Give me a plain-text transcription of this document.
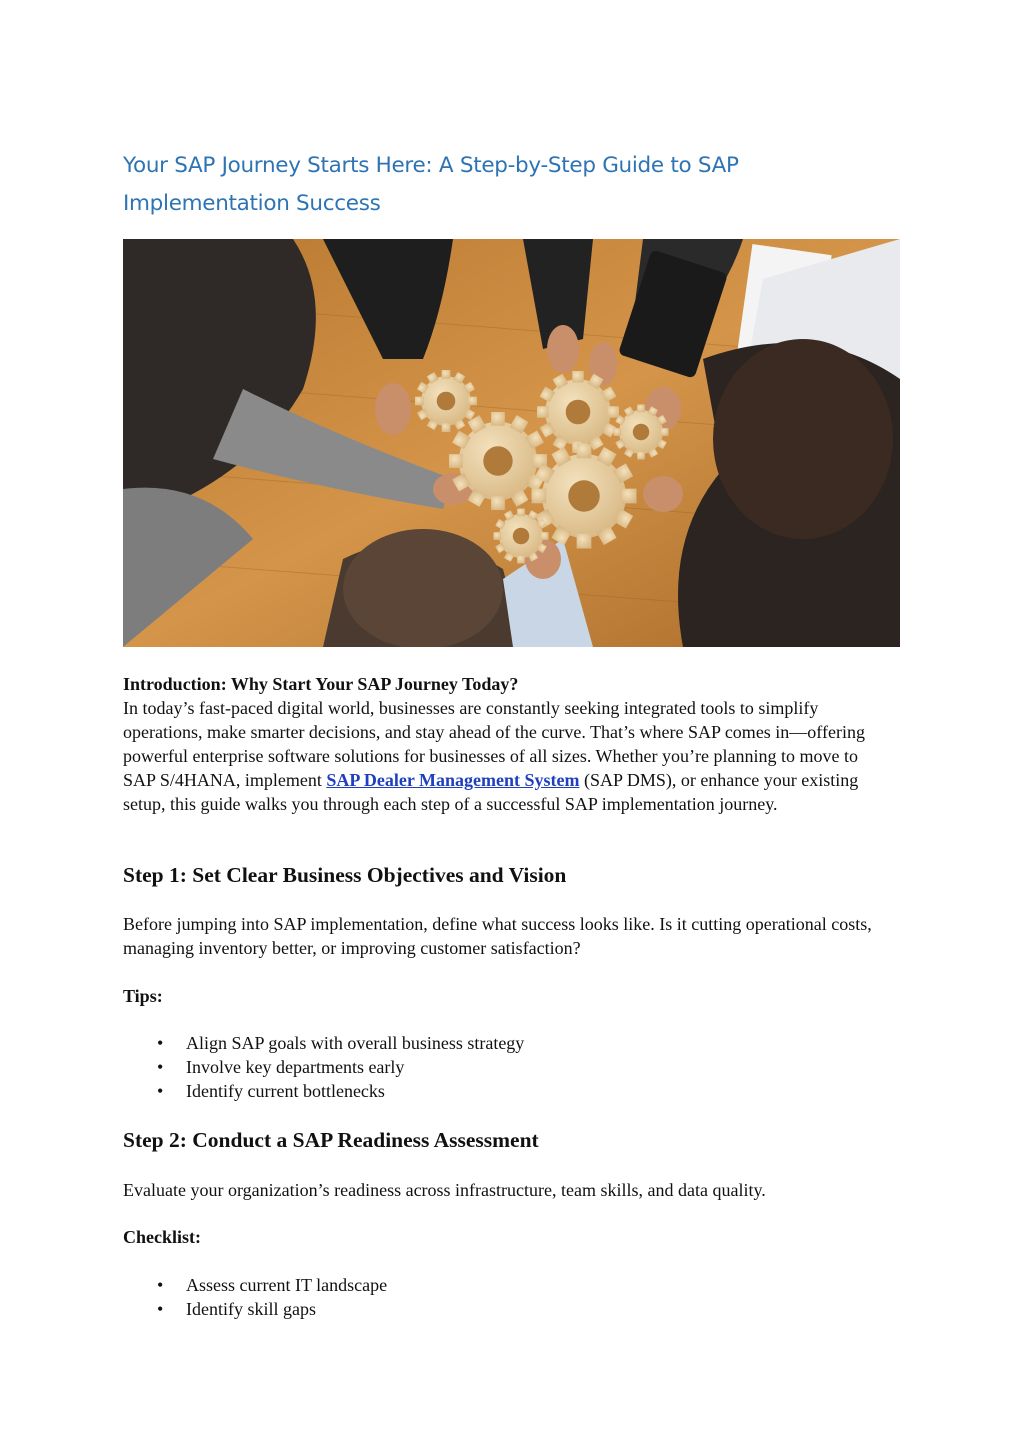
Your SAP Journey Starts Here: A Step-by-Step Guide to SAP Implementation Success
Introduction: Why Start Your SAP Journey Today?
In today’s fast-paced digital world, businesses are constantly seeking integrated tools to simplify operations, make smarter decisions, and stay ahead of the curve. That’s where SAP comes in—offering powerful enterprise software solutions for businesses of all sizes. Whether you’re planning to move to SAP S/4HANA, implement SAP Dealer Management System (SAP DMS), or enhance your existing setup, this guide walks you through each step of a successful SAP implementation journey.
Step 1: Set Clear Business Objectives and Vision

Before jumping into SAP implementation, define what success looks like. Is it cutting operational costs, managing inventory better, or improving customer satisfaction?

Tips:

• Align SAP goals with overall business strategy
• Involve key departments early
• Identify current bottlenecks
Step 2: Conduct a SAP Readiness Assessment

Evaluate your organization’s readiness across infrastructure, team skills, and data quality.

Checklist:

• Assess current IT landscape
• Identify skill gaps
